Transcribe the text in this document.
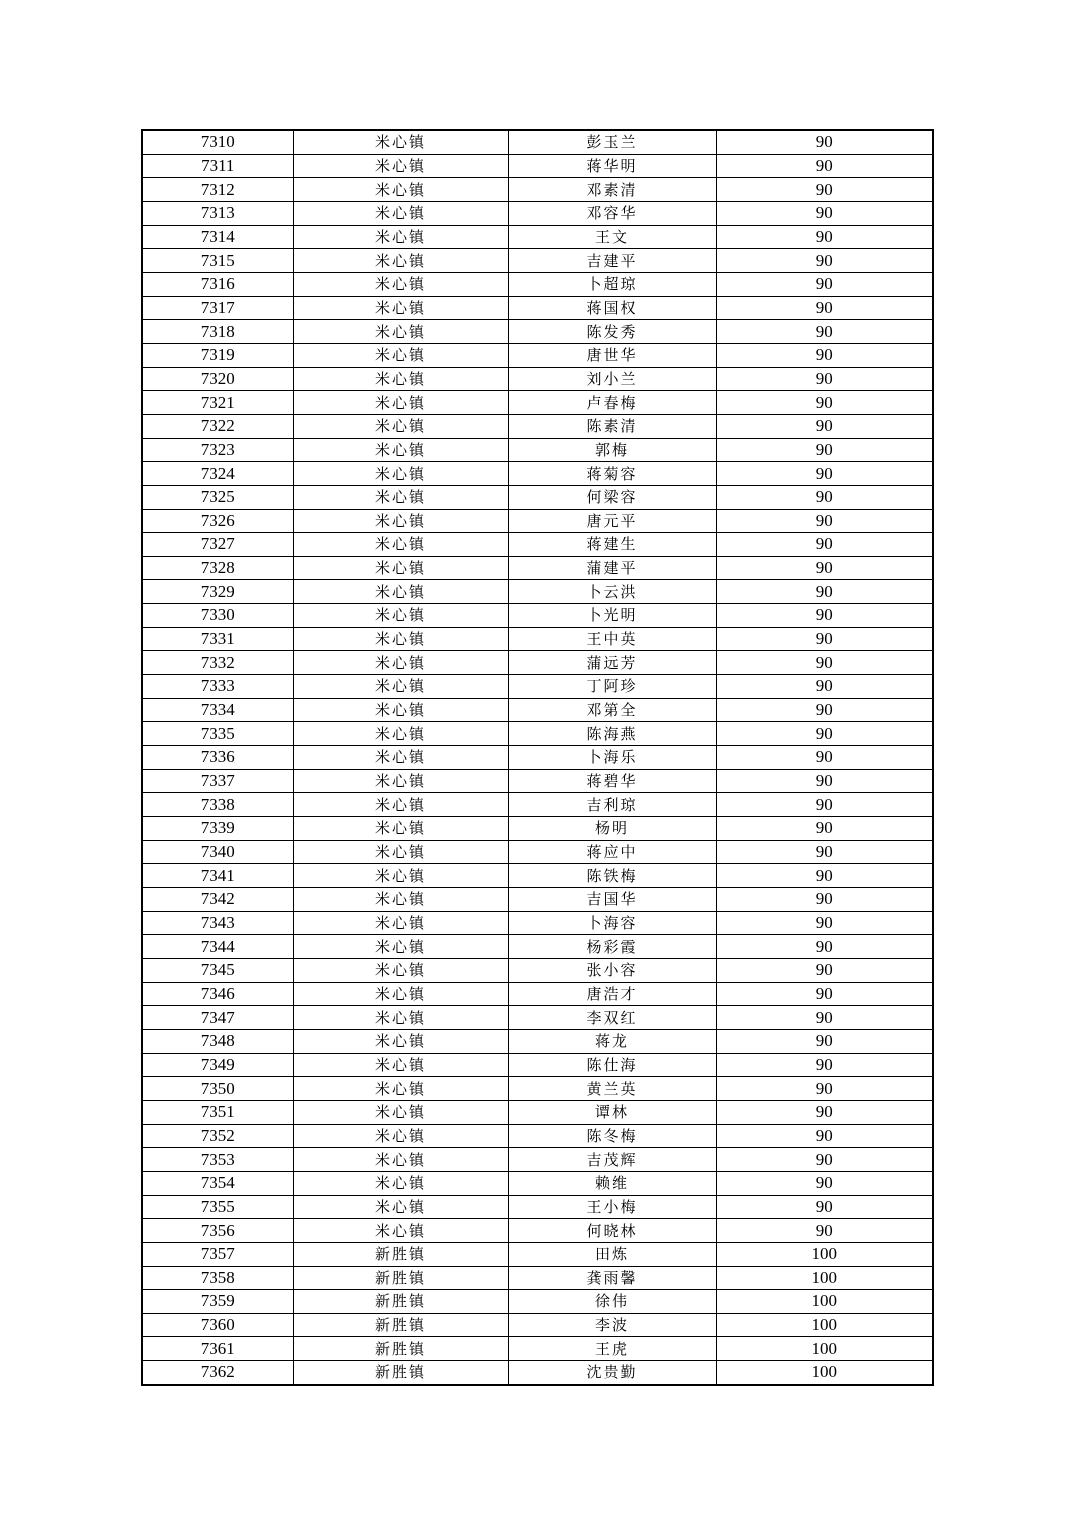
7310	米心镇	彭玉兰	90
7311	米心镇	蒋华明	90
7312	米心镇	邓素清	90
7313	米心镇	邓容华	90
7314	米心镇	王文	90
7315	米心镇	吉建平	90
7316	米心镇	卜超琼	90
7317	米心镇	蒋国权	90
7318	米心镇	陈发秀	90
7319	米心镇	唐世华	90
7320	米心镇	刘小兰	90
7321	米心镇	卢春梅	90
7322	米心镇	陈素清	90
7323	米心镇	郭梅	90
7324	米心镇	蒋菊容	90
7325	米心镇	何梁容	90
7326	米心镇	唐元平	90
7327	米心镇	蒋建生	90
7328	米心镇	蒲建平	90
7329	米心镇	卜云洪	90
7330	米心镇	卜光明	90
7331	米心镇	王中英	90
7332	米心镇	蒲远芳	90
7333	米心镇	丁阿珍	90
7334	米心镇	邓第全	90
7335	米心镇	陈海燕	90
7336	米心镇	卜海乐	90
7337	米心镇	蒋碧华	90
7338	米心镇	吉利琼	90
7339	米心镇	杨明	90
7340	米心镇	蒋应中	90
7341	米心镇	陈铁梅	90
7342	米心镇	吉国华	90
7343	米心镇	卜海容	90
7344	米心镇	杨彩霞	90
7345	米心镇	张小容	90
7346	米心镇	唐浩才	90
7347	米心镇	李双红	90
7348	米心镇	蒋龙	90
7349	米心镇	陈仕海	90
7350	米心镇	黄兰英	90
7351	米心镇	谭林	90
7352	米心镇	陈冬梅	90
7353	米心镇	吉茂辉	90
7354	米心镇	赖维	90
7355	米心镇	王小梅	90
7356	米心镇	何晓林	90
7357	新胜镇	田炼	100
7358	新胜镇	龚雨馨	100
7359	新胜镇	徐伟	100
7360	新胜镇	李波	100
7361	新胜镇	王虎	100
7362	新胜镇	沈贵勤	100
